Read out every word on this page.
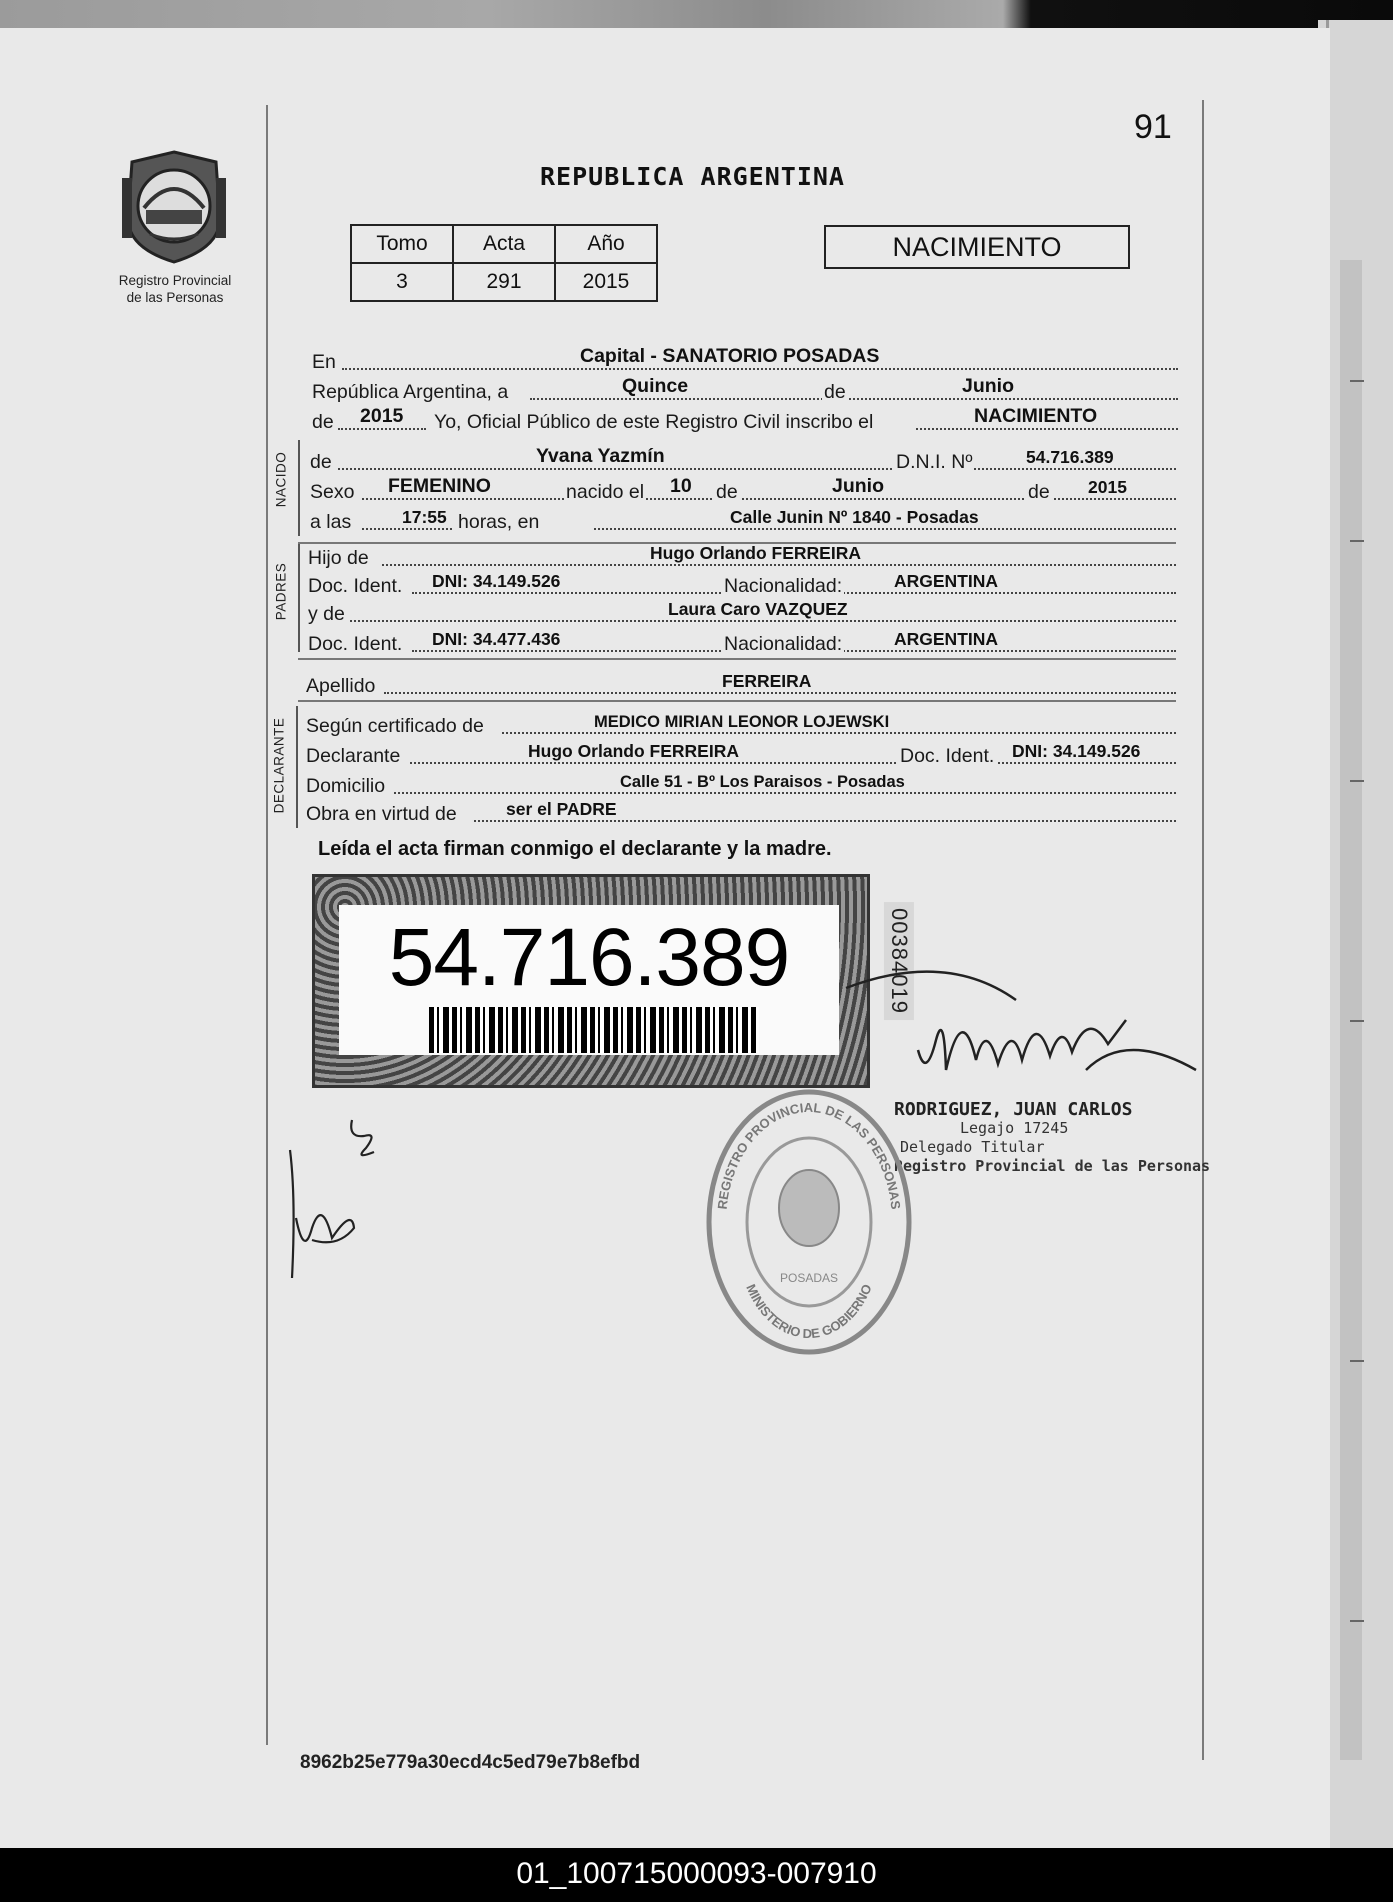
Registro Provincial
de las Personas
91
REPUBLICA ARGENTINA
Tomo	Acta	Año
3	291	2015
NACIMIENTO
En	Capital - SANATORIO POSADAS
República Argentina, a	Quince	de	Junio
de 2015 Yo, Oficial Público de este Registro Civil inscribo el	NACIMIENTO
NACIDO de	Yvana Yazmín	D.N.I. Nº	54.716.389
Sexo FEMENINO	nacido el 10 de	Junio	de 2015
a las	17:55 horas, en	Calle Junin Nº 1840 - Posadas
PADRES
Hijo de	Hugo Orlando FERREIRA
Doc. Ident. DNI: 34.149.526	Nacionalidad:	ARGENTINA
y de	Laura Caro VAZQUEZ
Doc. Ident. DNI: 34.477.436	Nacionalidad:	ARGENTINA
Apellido	FERREIRA
DECLARANTE Según certificado de	MEDICO MIRIAN LEONOR LOJEWSKI
Declarante	Hugo Orlando FERREIRA	Doc. Ident. DNI: 34.149.526
Domicilio	Calle 51 - Bº Los Paraisos - Posadas
Obra en virtud de	ser el PADRE
Leída el acta firman conmigo el declarante y la madre.
54.716.389	00384019
RODRIGUEZ, JUAN CARLOS
Legajo 17245
Delegado Titular
Registro Provincial de las Personas
REGISTRO PROVINCIAL DE LAS PERSONAS
MINISTERIO DE GOBIERNO
POSADAS
8962b25e779a30ecd4c5ed79e7b8efbd
01_100715000093-007910
